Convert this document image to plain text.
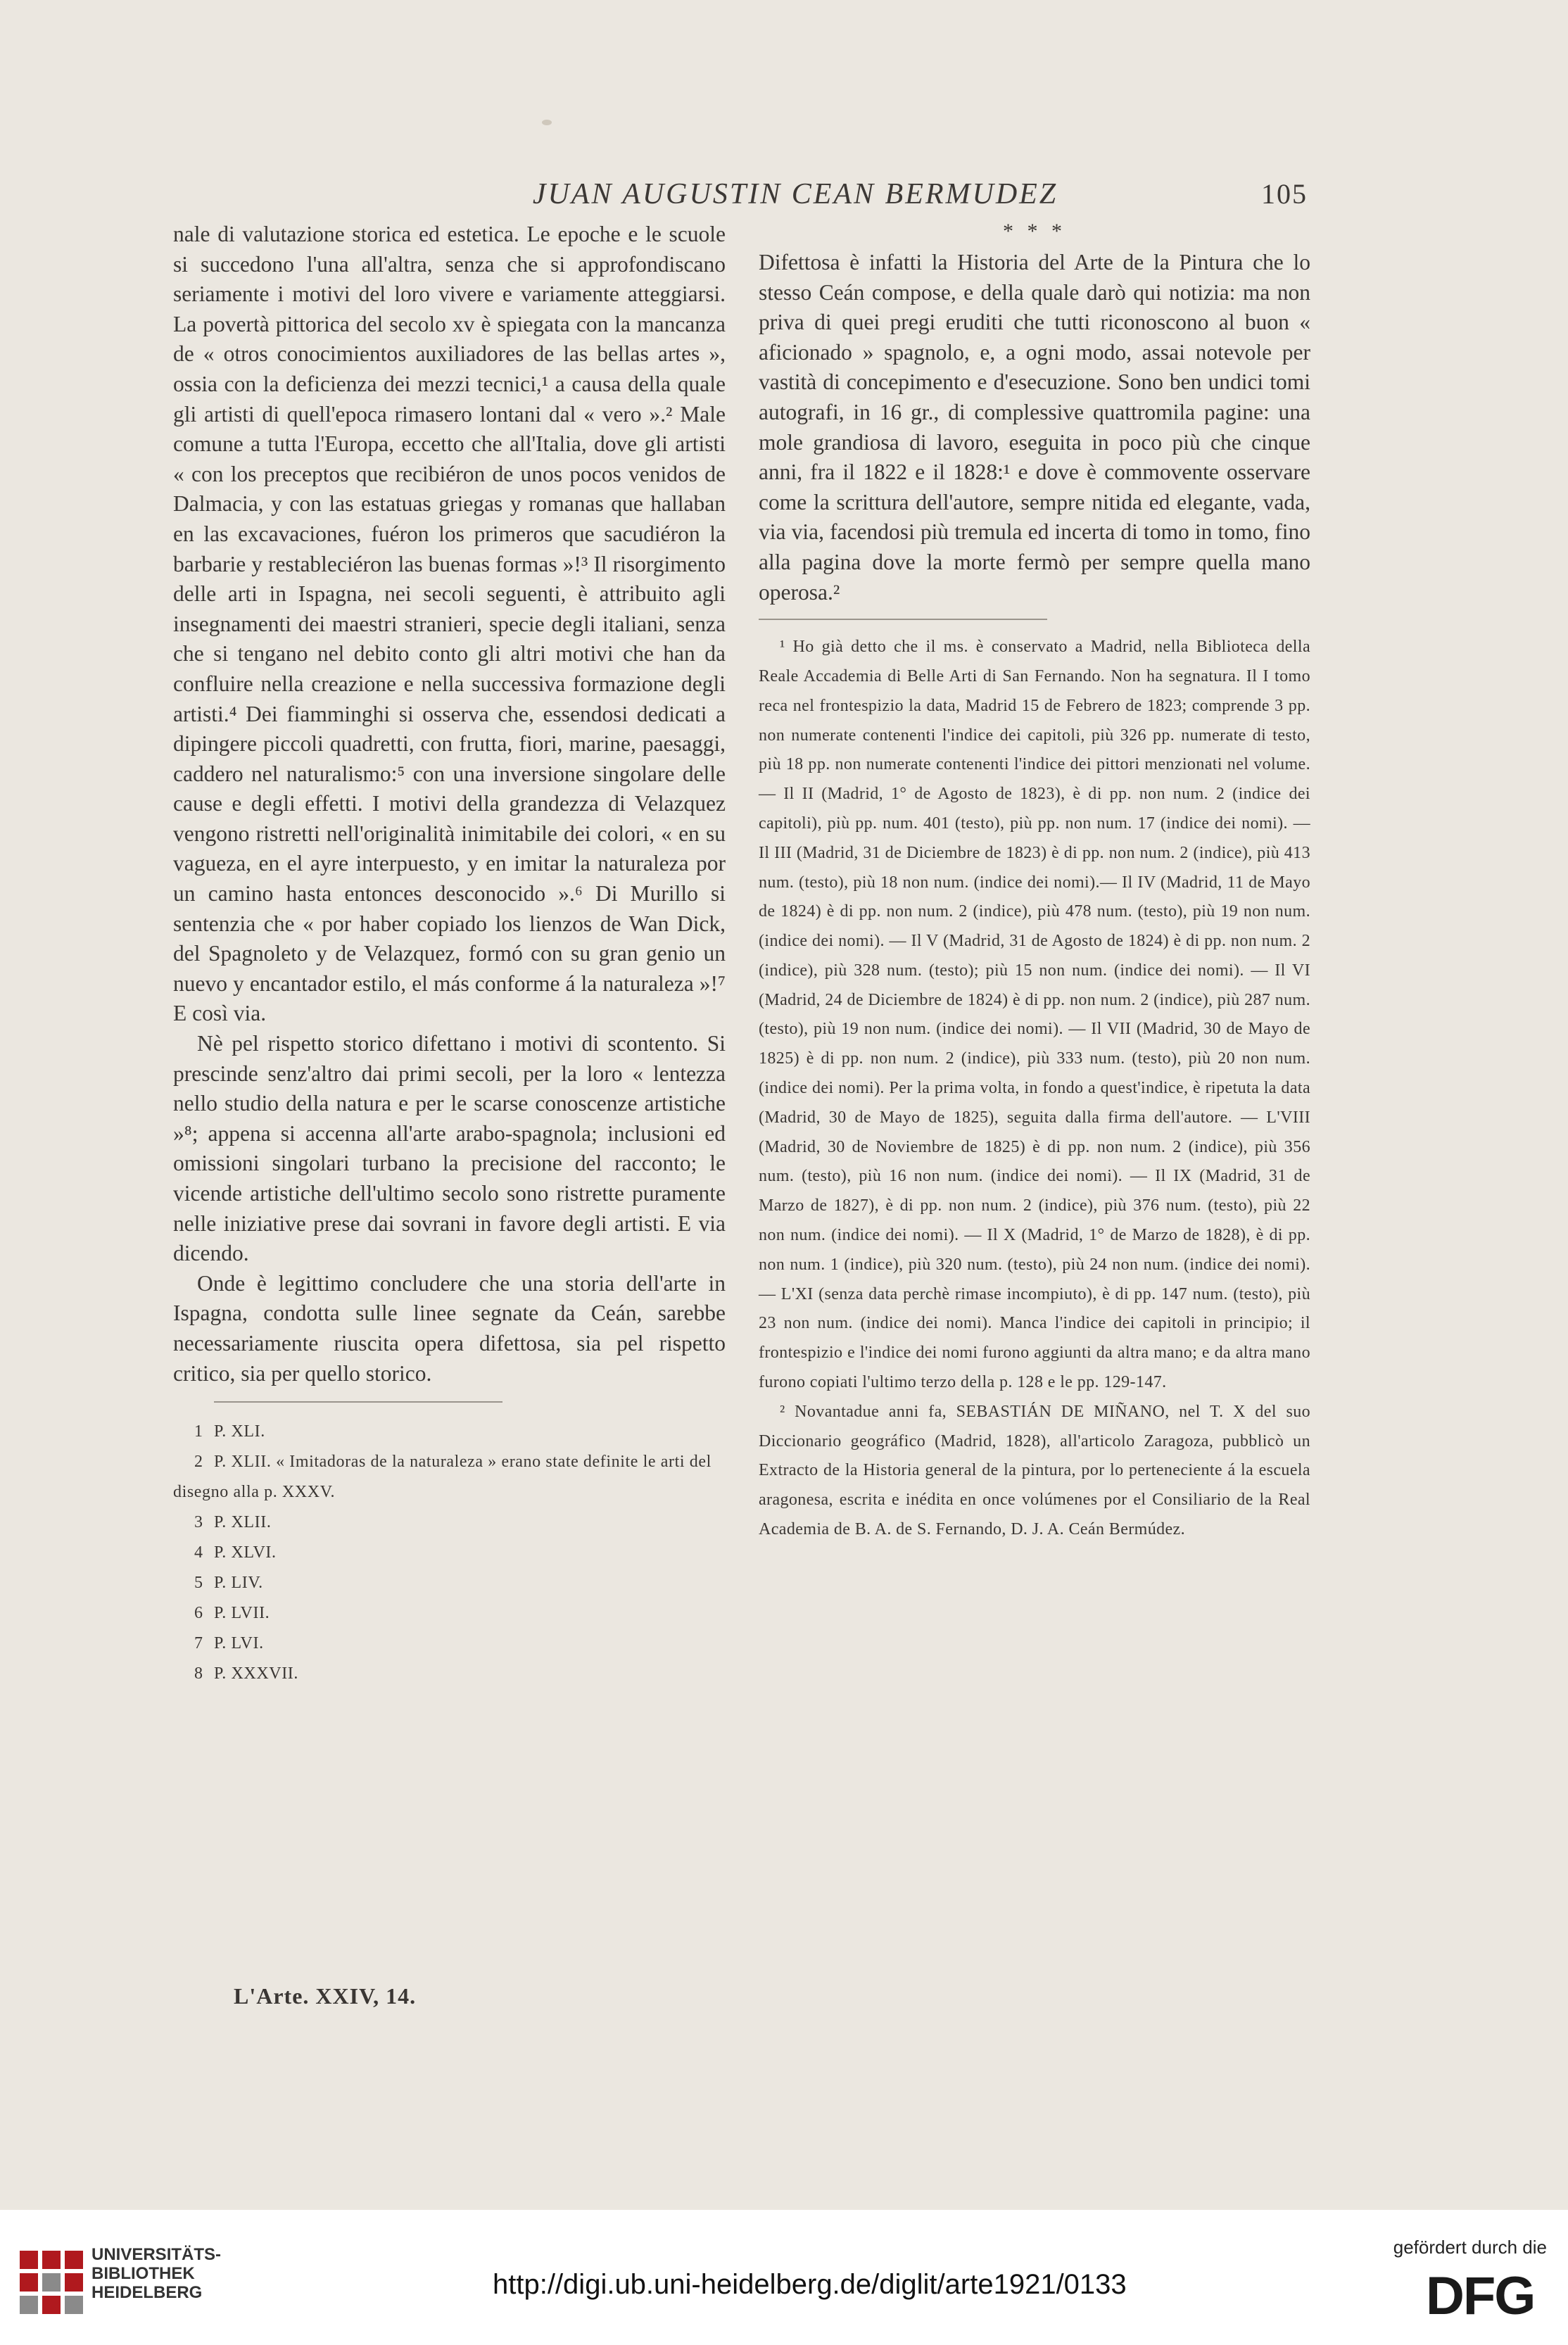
JUAN AUGUSTIN CEAN BERMUDEZ	105

nale di valutazione storica ed estetica. Le epoche e le scuole si succedono l'una all'altra, senza che si approfondiscano seriamente i motivi del loro vivere e variamente atteggiarsi. La povertà pittorica del secolo xv è spiegata con la mancanza de « otros conocimientos auxiliadores de las bellas artes », ossia con la deficienza dei mezzi tecnici,¹ a causa della quale gli artisti di quell'epoca rimasero lontani dal « vero ».² Male comune a tutta l'Europa, eccetto che all'Italia, dove gli artisti « con los preceptos que recibiéron de unos pocos venidos de Dalmacia, y con las estatuas griegas y romanas que hallaban en las excavaciones, fuéron los primeros que sacudiéron la barbarie y restableciéron las buenas formas »!³ Il risorgimento delle arti in Ispagna, nei secoli seguenti, è attribuito agli insegnamenti dei maestri stranieri, specie degli italiani, senza che si tengano nel debito conto gli altri motivi che han da confluire nella creazione e nella successiva formazione degli artisti.⁴ Dei fiamminghi si osserva che, essendosi dedicati a dipingere piccoli quadretti, con frutta, fiori, marine, paesaggi, caddero nel naturalismo:⁵ con una inversione singolare delle cause e degli effetti. I motivi della grandezza di Velazquez vengono ristretti nell'originalità inimitabile dei colori, « en su vagueza, en el ayre interpuesto, y en imitar la naturaleza por un camino hasta entonces desconocido ».⁶ Di Murillo si sentenzia che « por haber copiado los lienzos de Wan Dick, del Spagnoleto y de Velazquez, formó con su gran genio un nuevo y encantador estilo, el más conforme á la naturaleza »!⁷ E così via.

Nè pel rispetto storico difettano i motivi di scontento. Si prescinde senz'altro dai primi secoli, per la loro « lentezza nello studio della natura e per le scarse conoscenze artistiche »⁸; appena si accenna all'arte arabo-spagnola; inclusioni ed omissioni singolari turbano la precisione del racconto; le vicende artistiche dell'ultimo secolo sono ristrette puramente nelle iniziative prese dai sovrani in favore degli artisti. E via dicendo.

Onde è legittimo concludere che una storia dell'arte in Ispagna, condotta sulle linee segnate da Ceán, sarebbe necessariamente riuscita opera difettosa, sia pel rispetto critico, sia per quello storico.

1 P. XLI.
2 P. XLII. « Imitadoras de la naturaleza » erano state definite le arti del disegno alla p. XXXV.
3 P. XLII.
4 P. XLVI.
5 P. LIV.
6 P. LVII.
7 P. LVI.
8 P. XXXVII.

* * *

Difettosa è infatti la Historia del Arte de la Pintura che lo stesso Ceán compose, e della quale darò qui notizia: ma non priva di quei pregi eruditi che tutti riconoscono al buon « aficionado » spagnolo, e, a ogni modo, assai notevole per vastità di concepimento e d'esecuzione. Sono ben undici tomi autografi, in 16 gr., di complessive quattromila pagine: una mole grandiosa di lavoro, eseguita in poco più che cinque anni, fra il 1822 e il 1828:¹ e dove è commovente osservare come la scrittura dell'autore, sempre nitida ed elegante, vada, via via, facendosi più tremula ed incerta di tomo in tomo, fino alla pagina dove la morte fermò per sempre quella mano operosa.²

¹ Ho già detto che il ms. è conservato a Madrid, nella Biblioteca della Reale Accademia di Belle Arti di San Fernando. Non ha segnatura. Il I tomo reca nel frontespizio la data, Madrid 15 de Febrero de 1823; comprende 3 pp. non numerate contenenti l'indice dei capitoli, più 326 pp. numerate di testo, più 18 pp. non numerate contenenti l'indice dei pittori menzionati nel volume. — Il II (Madrid, 1° de Agosto de 1823), è di pp. non num. 2 (indice dei capitoli), più pp. num. 401 (testo), più pp. non num. 17 (indice dei nomi). — Il III (Madrid, 31 de Diciembre de 1823) è di pp. non num. 2 (indice), più 413 num. (testo), più 18 non num. (indice dei nomi).— Il IV (Madrid, 11 de Mayo de 1824) è di pp. non num. 2 (indice), più 478 num. (testo), più 19 non num. (indice dei nomi). — Il V (Madrid, 31 de Agosto de 1824) è di pp. non num. 2 (indice), più 328 num. (testo); più 15 non num. (indice dei nomi). — Il VI (Madrid, 24 de Diciembre de 1824) è di pp. non num. 2 (indice), più 287 num. (testo), più 19 non num. (indice dei nomi). — Il VII (Madrid, 30 de Mayo de 1825) è di pp. non num. 2 (indice), più 333 num. (testo), più 20 non num. (indice dei nomi). Per la prima volta, in fondo a quest'indice, è ripetuta la data (Madrid, 30 de Mayo de 1825), seguita dalla firma dell'autore. — L'VIII (Madrid, 30 de Noviembre de 1825) è di pp. non num. 2 (indice), più 356 num. (testo), più 16 non num. (indice dei nomi). — Il IX (Madrid, 31 de Marzo de 1827), è di pp. non num. 2 (indice), più 376 num. (testo), più 22 non num. (indice dei nomi). — Il X (Madrid, 1° de Marzo de 1828), è di pp. non num. 1 (indice), più 320 num. (testo), più 24 non num. (indice dei nomi). — L'XI (senza data perchè rimase incompiuto), è di pp. 147 num. (testo), più 23 non num. (indice dei nomi). Manca l'indice dei capitoli in principio; il frontespizio e l'indice dei nomi furono aggiunti da altra mano; e da altra mano furono copiati l'ultimo terzo della p. 128 e le pp. 129-147.
² Novantadue anni fa, SEBASTIÁN DE MIÑANO, nel T. X del suo Diccionario geográfico (Madrid, 1828), all'articolo Zaragoza, pubblicò un Extracto de la Historia general de la pintura, por lo perteneciente á la escuela aragonesa, escrita e inédita en once volúmenes por el Consiliario de la Real Academia de B. A. de S. Fernando, D. J. A. Ceán Bermúdez.
L'Arte. XXIV, 14.
UNIVERSITÄTS-
BIBLIOTHEK
HEIDELBERG	http://digi.ub.uni-heidelberg.de/diglit/arte1921/0133
gefördert durch die
DFG
